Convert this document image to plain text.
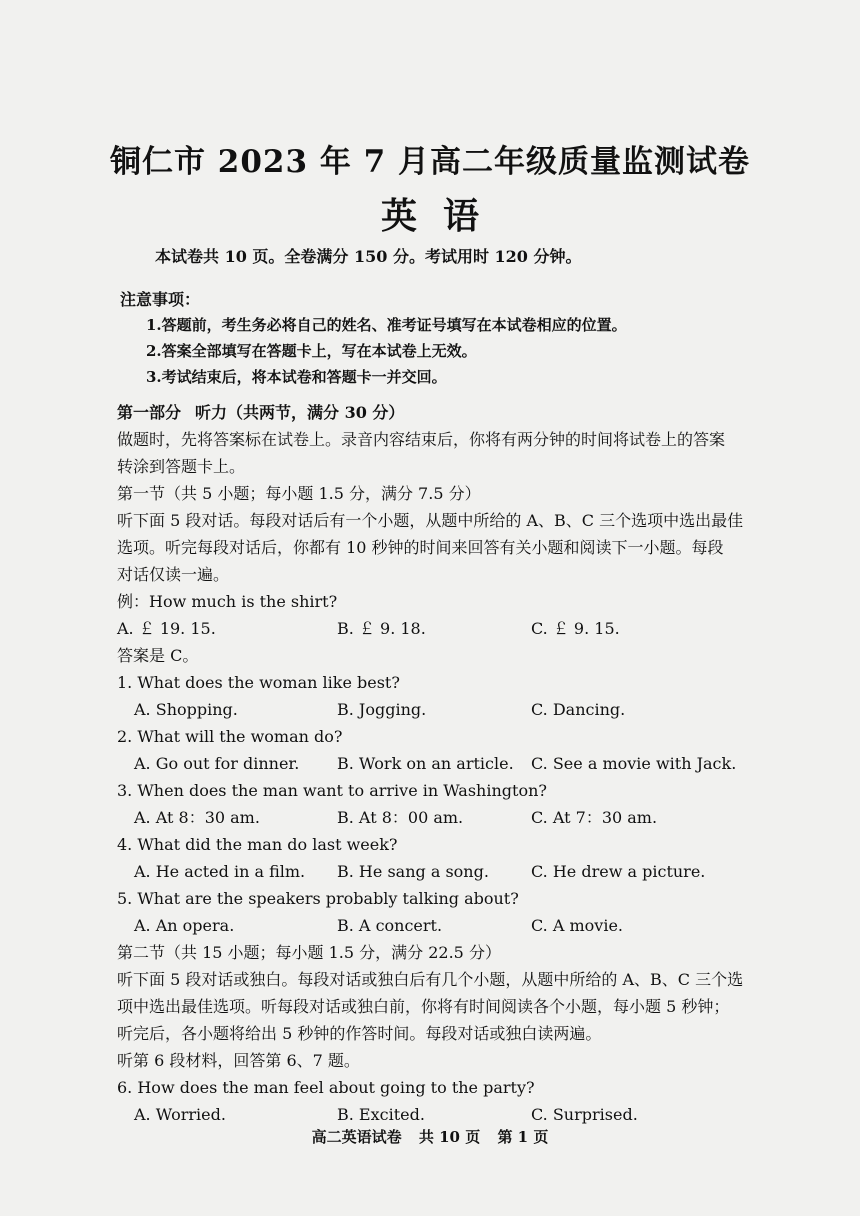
铜仁市 2023 年 7 月高二年级质量监测试卷
英语
本试卷共 10 页。全卷满分 150 分。考试用时 120 分钟。
注意事项：
1.答题前，考生务必将自己的姓名、准考证号填写在本试卷相应的位置。
2.答案全部填写在答题卡上，写在本试卷上无效。
3.考试结束后，将本试卷和答题卡一并交回。
第一部分 听力（共两节，满分 30 分）
做题时，先将答案标在试卷上。录音内容结束后，你将有两分钟的时间将试卷上的答案
转涂到答题卡上。
第一节（共 5 小题；每小题 1.5 分，满分 7.5 分）
听下面 5 段对话。每段对话后有一个小题，从题中所给的 A、B、C 三个选项中选出最佳
选项。听完每段对话后，你都有 10 秒钟的时间来回答有关小题和阅读下一小题。每段
对话仅读一遍。
例：How much is the shirt?
A. ￡ 19. 15.	B. ￡ 9. 18.	C. ￡ 9. 15.
答案是 C。
1. What does the woman like best?
A. Shopping.	B. Jogging.	C. Dancing.
2. What will the woman do?
A. Go out for dinner. B. Work on an article. C. See a movie with Jack.
3. When does the man want to arrive in Washington?
A. At 8：30 am.	B. At 8：00 am.	C. At 7：30 am.
4. What did the man do last week?
A. He acted in a film. B. He sang a song.	C. He drew a picture.
5. What are the speakers probably talking about?
A. An opera.	B. A concert.	C. A movie.
第二节（共 15 小题；每小题 1.5 分，满分 22.5 分）
听下面 5 段对话或独白。每段对话或独白后有几个小题，从题中所给的 A、B、C 三个选
项中选出最佳选项。听每段对话或独白前，你将有时间阅读各个小题，每小题 5 秒钟；
听完后，各小题将给出 5 秒钟的作答时间。每段对话或独白读两遍。
听第 6 段材料，回答第 6、7 题。
6. How does the man feel about going to the party?
A. Worried.	B. Excited.	C. Surprised.
高二英语试卷 共 10 页 第 1 页
